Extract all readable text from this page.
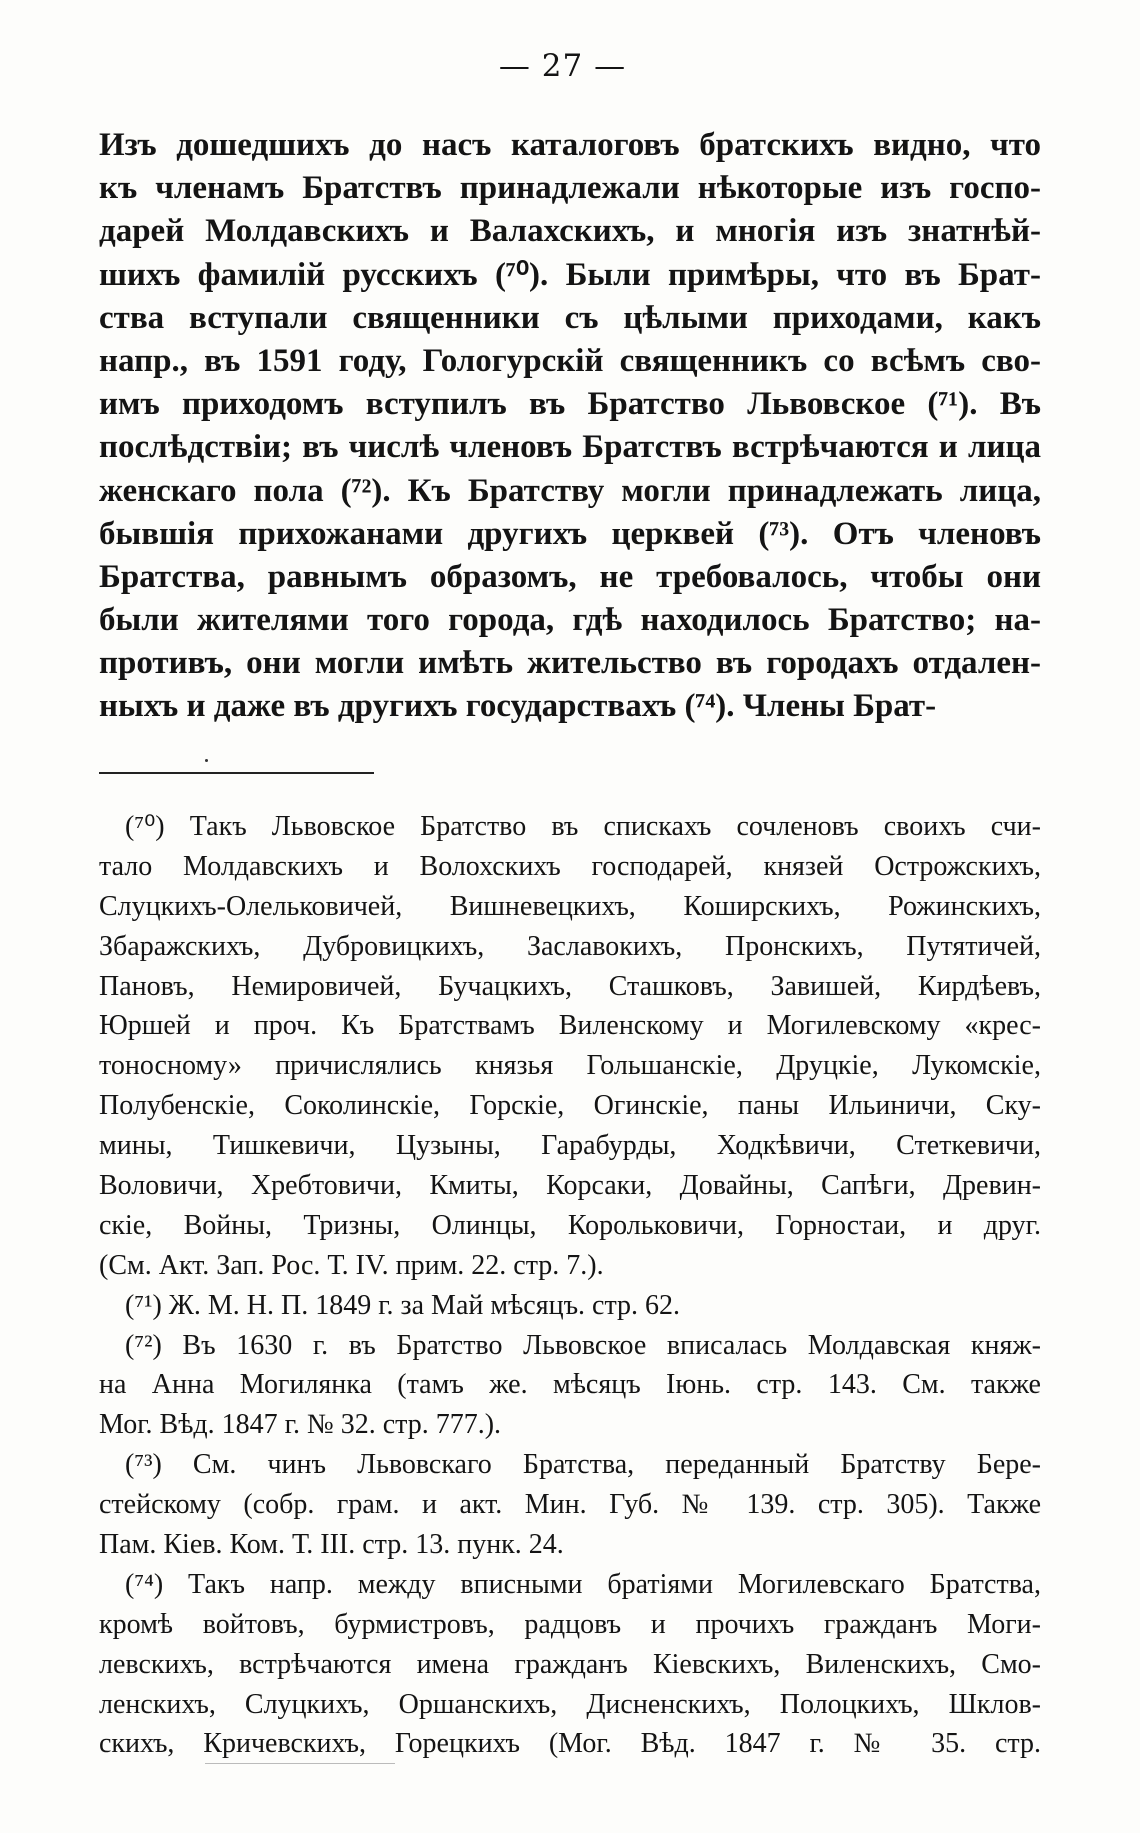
— 27 —
Изъ дошедшихъ до насъ каталоговъ братскихъ видно, что
къ членамъ Братствъ принадлежали нѣкоторые изъ госпо-
дарей Молдавскихъ и Валахскихъ, и многія изъ знатнѣй-
шихъ фамилій русскихъ (⁷⁰). Были примѣры, что въ Брат-
ства вступали священники съ цѣлыми приходами, какъ
напр., въ 1591 году, Гологурскій священникъ со всѣмъ сво-
имъ приходомъ вступилъ въ Братство Львовское (⁷¹). Въ
послѣдствіи; въ числѣ членовъ Братствъ встрѣчаются и лица
женскаго пола (⁷²). Къ Братству могли принадлежать лица,
бывшія прихожанами другихъ церквей (⁷³). Отъ членовъ
Братства, равнымъ образомъ, не требовалось, чтобы они
были жителями того города, гдѣ находилось Братство; на-
противъ, они могли имѣть жительство въ городахъ отдален-
ныхъ и даже въ другихъ государствахъ (⁷⁴). Члены Брат-
(⁷⁰) Такъ Львовское Братство въ спискахъ сочленовъ своихъ счи-
тало Молдавскихъ и Волохскихъ господарей, князей Острожскихъ,
Слуцкихъ-Олельковичей, Вишневецкихъ, Коширскихъ, Рожинскихъ,
Збаражскихъ, Дубровицкихъ, Заславокихъ, Пронскихъ, Путятичей,
Пановъ, Немировичей, Бучацкихъ, Сташковъ, Завишей, Кирдѣевъ,
Юршей и проч. Къ Братствамъ Виленскому и Могилевскому «крес-
тоносному» причислялись князья Гольшанскіе, Друцкіе, Лукомскіе,
Полубенскіе, Соколинскіе, Горскіе, Огинскіе, паны Ильиничи, Ску-
мины, Тишкевичи, Цузыны, Гарабурды, Ходкѣвичи, Стеткевичи,
Воловичи, Хребтовичи, Кмиты, Корсаки, Довайны, Сапѣги, Древин-
скіе, Войны, Тризны, Олинцы, Корольковичи, Горностаи, и друг.
(См. Акт. Зап. Рос. Т. IV. прим. 22. стр. 7.).
(⁷¹) Ж. М. Н. П. 1849 г. за Май мѣсяцъ. стр. 62.
(⁷²) Въ 1630 г. въ Братство Львовское вписалась Молдавская княж-
на Анна Могилянка (тамъ же. мѣсяцъ Іюнь. стр. 143. См. также
Мог. Вѣд. 1847 г. № 32. стр. 777.).
(⁷³) См. чинъ Львовскаго Братства, переданный Братству Бере-
стейскому (собр. грам. и акт. Мин. Губ. № 139. стр. 305). Также
Пам. Кіев. Ком. Т. III. стр. 13. пунк. 24.
(⁷⁴) Такъ напр. между вписными братіями Могилевскаго Братства,
кромѣ войтовъ, бурмистровъ, радцовъ и прочихъ гражданъ Моги-
левскихъ, встрѣчаются имена гражданъ Кіевскихъ, Виленскихъ, Смо-
ленскихъ, Слуцкихъ, Оршанскихъ, Дисненскихъ, Полоцкихъ, Шклов-
скихъ, Кричевскихъ, Горецкихъ (Мог. Вѣд. 1847 г. № 35. стр.
